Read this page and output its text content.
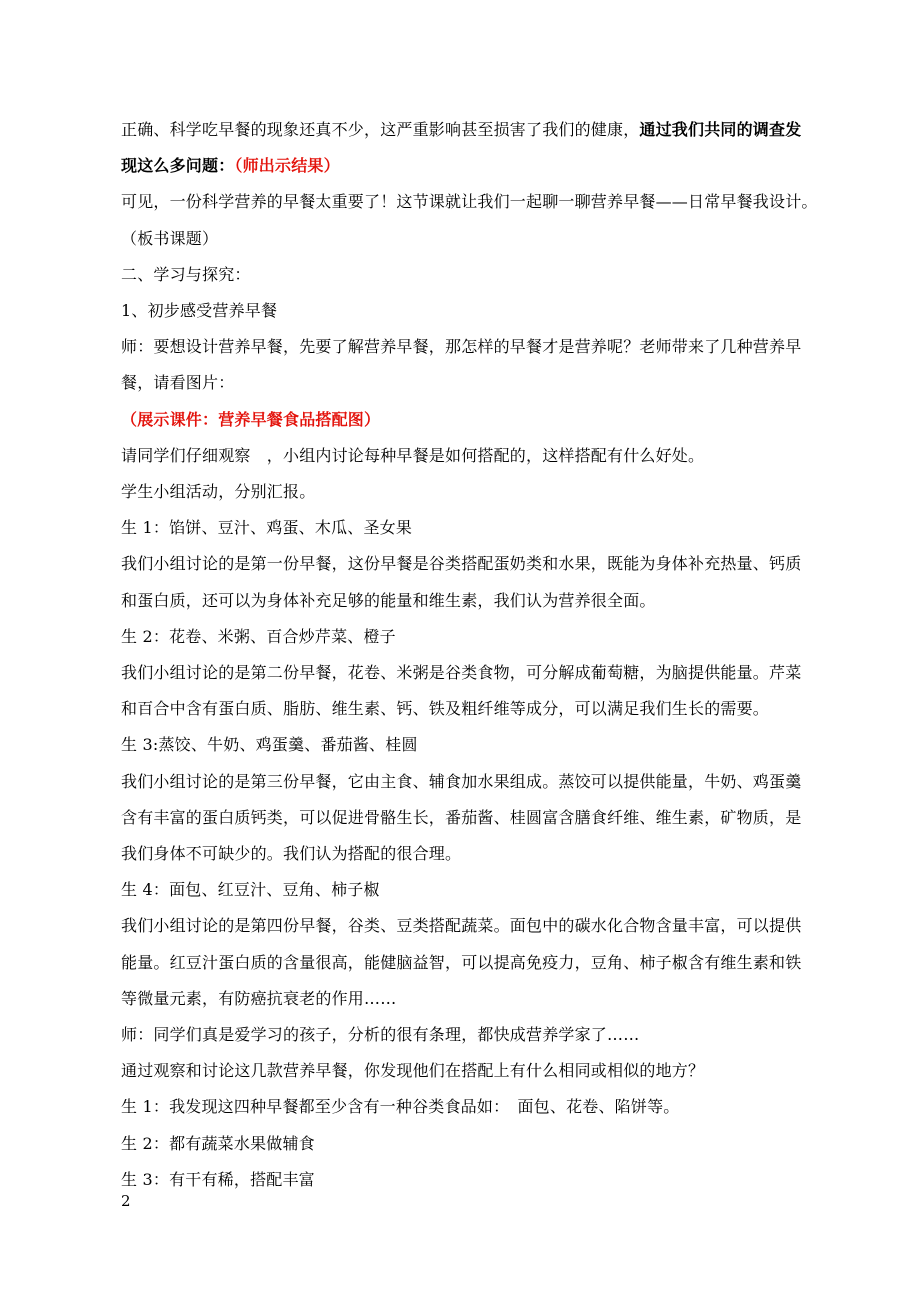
正确、科学吃早餐的现象还真不少，这严重影响甚至损害了我们的健康，通过我们共同的调查发
现这么多问题：（师出示结果）
可见，一份科学营养的早餐太重要了！这节课就让我们一起聊一聊营养早餐——日常早餐我设计。
（板书课题）
二、学习与探究：
1、初步感受营养早餐
师：要想设计营养早餐，先要了解营养早餐，那怎样的早餐才是营养呢？老师带来了几种营养早
餐，请看图片：
（展示课件：营养早餐食品搭配图）
请同学们仔细观察　，小组内讨论每种早餐是如何搭配的，这样搭配有什么好处。
学生小组活动，分别汇报。
生 1：馅饼、豆汁、鸡蛋、木瓜、圣女果
我们小组讨论的是第一份早餐，这份早餐是谷类搭配蛋奶类和水果，既能为身体补充热量、钙质
和蛋白质，还可以为身体补充足够的能量和维生素，我们认为营养很全面。
生 2：花卷、米粥、百合炒芹菜、橙子
我们小组讨论的是第二份早餐，花卷、米粥是谷类食物，可分解成葡萄糖，为脑提供能量。芹菜
和百合中含有蛋白质、脂肪、维生素、钙、铁及粗纤维等成分，可以满足我们生长的需要。
生 3:蒸饺、牛奶、鸡蛋羹、番茄酱、桂圆
我们小组讨论的是第三份早餐，它由主食、辅食加水果组成。蒸饺可以提供能量，牛奶、鸡蛋羹
含有丰富的蛋白质钙类，可以促进骨骼生长，番茄酱、桂圆富含膳食纤维、维生素，矿物质，是
我们身体不可缺少的。我们认为搭配的很合理。
生 4：面包、红豆汁、豆角、柿子椒
我们小组讨论的是第四份早餐，谷类、豆类搭配蔬菜。面包中的碳水化合物含量丰富，可以提供
能量。红豆汁蛋白质的含量很高，能健脑益智，可以提高免疫力，豆角、柿子椒含有维生素和铁
等微量元素，有防癌抗衰老的作用……
师：同学们真是爱学习的孩子，分析的很有条理，都快成营养学家了……
通过观察和讨论这几款营养早餐，你发现他们在搭配上有什么相同或相似的地方？
生 1：我发现这四种早餐都至少含有一种谷类食品如：　面包、花卷、陷饼等。
生 2：都有蔬菜水果做辅食
生 3：有干有稀，搭配丰富
2
